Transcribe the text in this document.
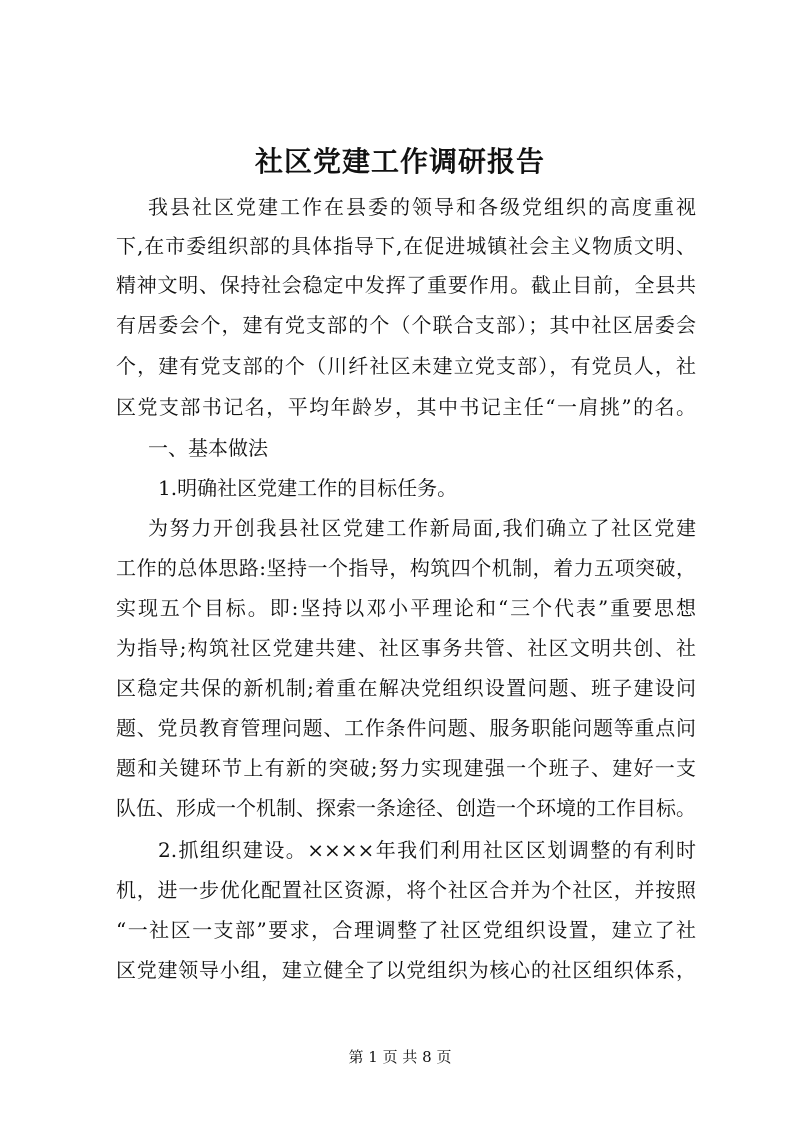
社区党建工作调研报告
我县社区党建工作在县委的领导和各级党组织的高度重视
下,在市委组织部的具体指导下,在促进城镇社会主义物质文明、
精神文明、保持社会稳定中发挥了重要作用。截止目前，全县共
有居委会个，建有党支部的个（个联合支部）；其中社区居委会
个，建有党支部的个（川纤社区未建立党支部），有党员人，社
区党支部书记名，平均年龄岁，其中书记主任“一肩挑”的名。
一、基本做法
1.明确社区党建工作的目标任务。
为努力开创我县社区党建工作新局面,我们确立了社区党建
工作的总体思路:坚持一个指导，构筑四个机制，着力五项突破，
实现五个目标。即:坚持以邓小平理论和“三个代表”重要思想
为指导;构筑社区党建共建、社区事务共管、社区文明共创、社
区稳定共保的新机制;着重在解决党组织设置问题、班子建设问
题、党员教育管理问题、工作条件问题、服务职能问题等重点问
题和关键环节上有新的突破;努力实现建强一个班子、建好一支
队伍、形成一个机制、探索一条途径、创造一个环境的工作目标。
2.抓组织建设。××××年我们利用社区区划调整的有利时
机，进一步优化配置社区资源，将个社区合并为个社区，并按照
“一社区一支部”要求，合理调整了社区党组织设置，建立了社
区党建领导小组，建立健全了以党组织为核心的社区组织体系，
第 1 页 共 8 页
